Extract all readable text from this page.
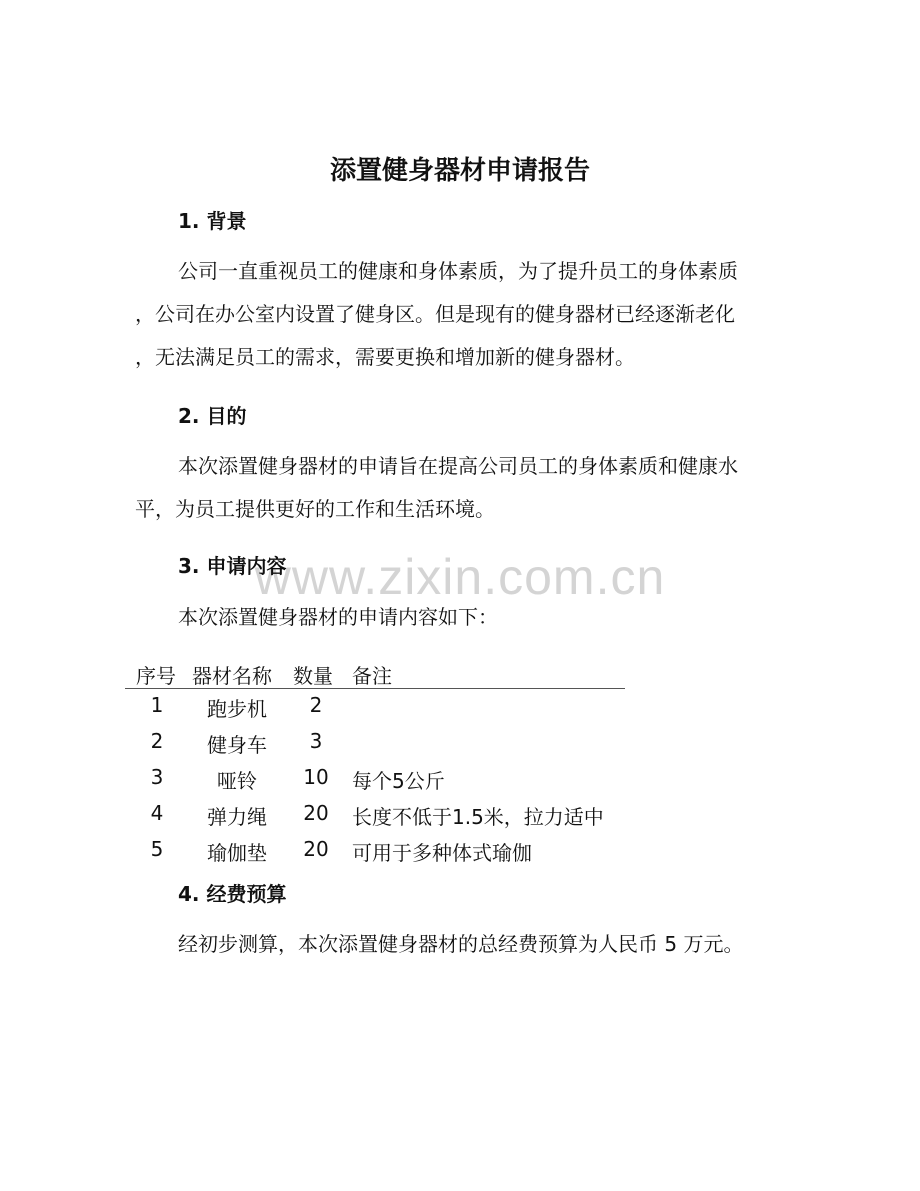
添置健身器材申请报告
1. 背景
公司一直重视员工的健康和身体素质，为了提升员工的身体素质
，公司在办公室内设置了健身区。但是现有的健身器材已经逐渐老化
，无法满足员工的需求，需要更换和增加新的健身器材。
2. 目的
本次添置健身器材的申请旨在提高公司员工的身体素质和健康水
平，为员工提供更好的工作和生活环境。
www.zixin.com.cn
3. 申请内容
本次添置健身器材的申请内容如下：
序号 器材名称	数量 备注
1	跑步机	2
2	健身车	3
3	哑铃	10	每个5公斤
4	弹力绳	20	长度不低于1.5米，拉力适中
5	瑜伽垫	20	可用于多种体式瑜伽
4. 经费预算
经初步测算，本次添置健身器材的总经费预算为人民币 5 万元。
